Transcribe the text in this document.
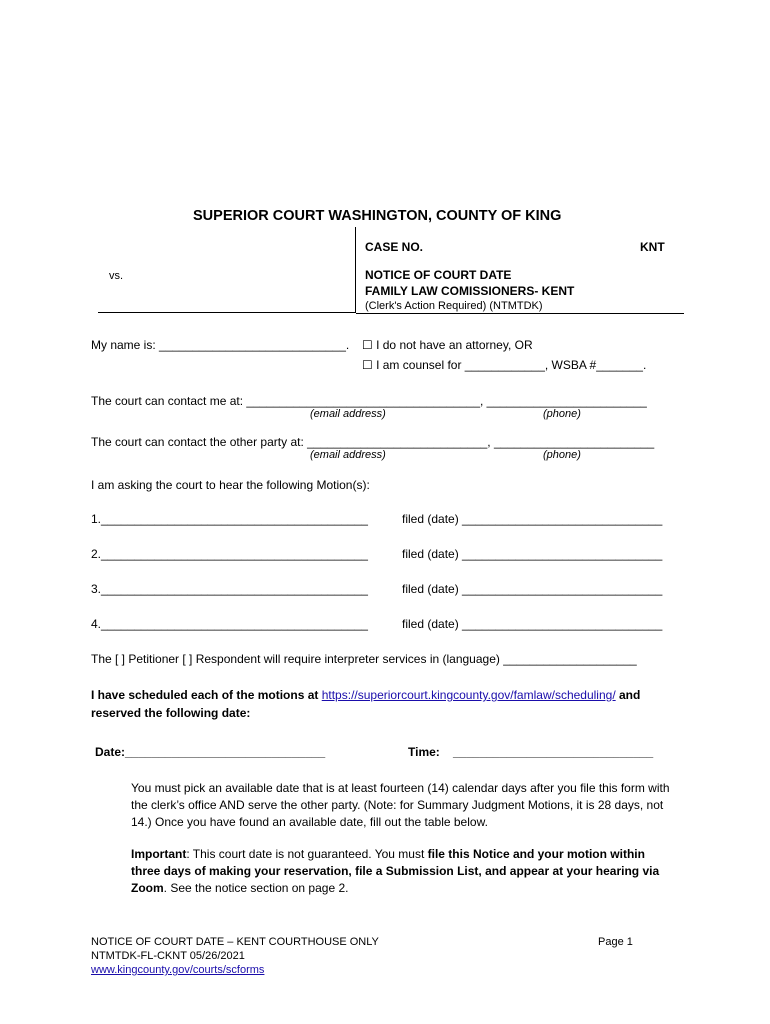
SUPERIOR COURT WASHINGTON, COUNTY OF KING
CASE NO.	KNT
vs.	NOTICE OF COURT DATE
FAMILY LAW COMISSIONERS- KENT
(Clerk's Action Required) (NTMTDK)
My name is: ____________________________. ☐ I do not have an attorney, OR
☐ I am counsel for ____________, WSBA #_______.
The court can contact me at: ___________________________________, ________________________
(email address)	(phone)
The court can contact the other party at: ___________________________, ________________________
(email address)	(phone)
I am asking the court to hear the following Motion(s):
1.________________________________________	filed (date) ______________________________
2.________________________________________	filed (date) ______________________________
3.________________________________________	filed (date) ______________________________
4.________________________________________	filed (date) ______________________________
The [ ] Petitioner [ ] Respondent will require interpreter services in (language) ____________________
I have scheduled each of the motions at https://superiorcourt.kingcounty.gov/famlaw/scheduling/ and
reserved the following date:
Date:______________________________	Time: ______________________________
You must pick an available date that is at least fourteen (14) calendar days after you file this form with the clerk’s office AND serve the other party. (Note: for Summary Judgment Motions, it is 28 days, not 14.) Once you have found an available date, fill out the table below.
Important: This court date is not guaranteed. You must file this Notice and your motion within three days of making your reservation, file a Submission List, and appear at your hearing via Zoom. See the notice section on page 2.
NOTICE OF COURT DATE – KENT COURTHOUSE ONLY
NTMTDK-FL-CKNT 05/26/2021
www.kingcounty.gov/courts/scforms
Page 1
